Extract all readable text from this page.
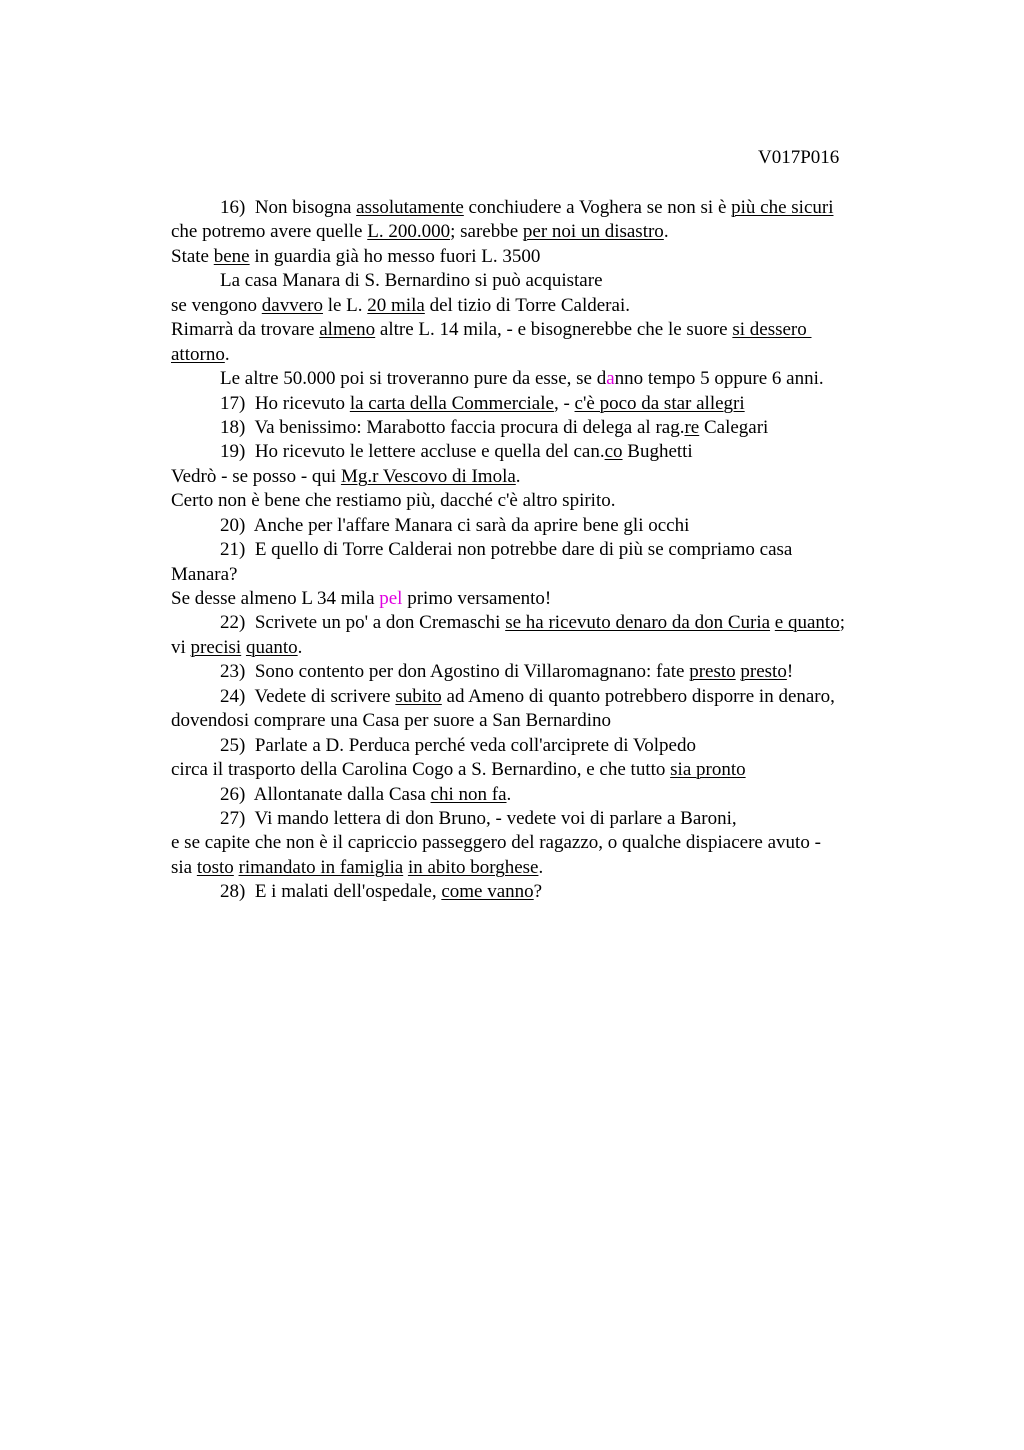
V017P016
16)  Non bisogna assolutamente conchiudere a Voghera se non si è più che sicuri
che potremo avere quelle L. 200.000; sarebbe per noi un disastro.
State bene in guardia già ho messo fuori L. 3500
La casa Manara di S. Bernardino si può acquistare
se vengono davvero le L. 20 mila del tizio di Torre Calderai.
Rimarrà da trovare almeno altre L. 14 mila, - e bisognerebbe che le suore si dessero
attorno.
Le altre 50.000 poi si troveranno pure da esse, se danno tempo 5 oppure 6 anni.
17)  Ho ricevuto la carta della Commerciale, - c'è poco da star allegri
18)  Va benissimo: Marabotto faccia procura di delega al rag.re Calegari
19)  Ho ricevuto le lettere accluse e quella del can.co Bughetti
Vedrò - se posso - qui Mg.r Vescovo di Imola.
Certo non è bene che restiamo più, dacché c'è altro spirito.
20)  Anche per l'affare Manara ci sarà da aprire bene gli occhi
21)  E quello di Torre Calderai non potrebbe dare di più se compriamo casa
Manara?
Se desse almeno L 34 mila pel primo versamento!
22)  Scrivete un po' a don Cremaschi se ha ricevuto denaro da don Curia e quanto;
vi precisi quanto.
23)  Sono contento per don Agostino di Villaromagnano: fate presto presto!
24)  Vedete di scrivere subito ad Ameno di quanto potrebbero disporre in denaro,
dovendosi comprare una Casa per suore a San Bernardino
25)  Parlate a D. Perduca perché veda coll'arciprete di Volpedo
circa il trasporto della Carolina Cogo a S. Bernardino, e che tutto sia pronto
26)  Allontanate dalla Casa chi non fa.
27)  Vi mando lettera di don Bruno, - vedete voi di parlare a Baroni,
e se capite che non è il capriccio passeggero del ragazzo, o qualche dispiacere avuto -
sia tosto rimandato in famiglia in abito borghese.
28)  E i malati dell'ospedale, come vanno?
